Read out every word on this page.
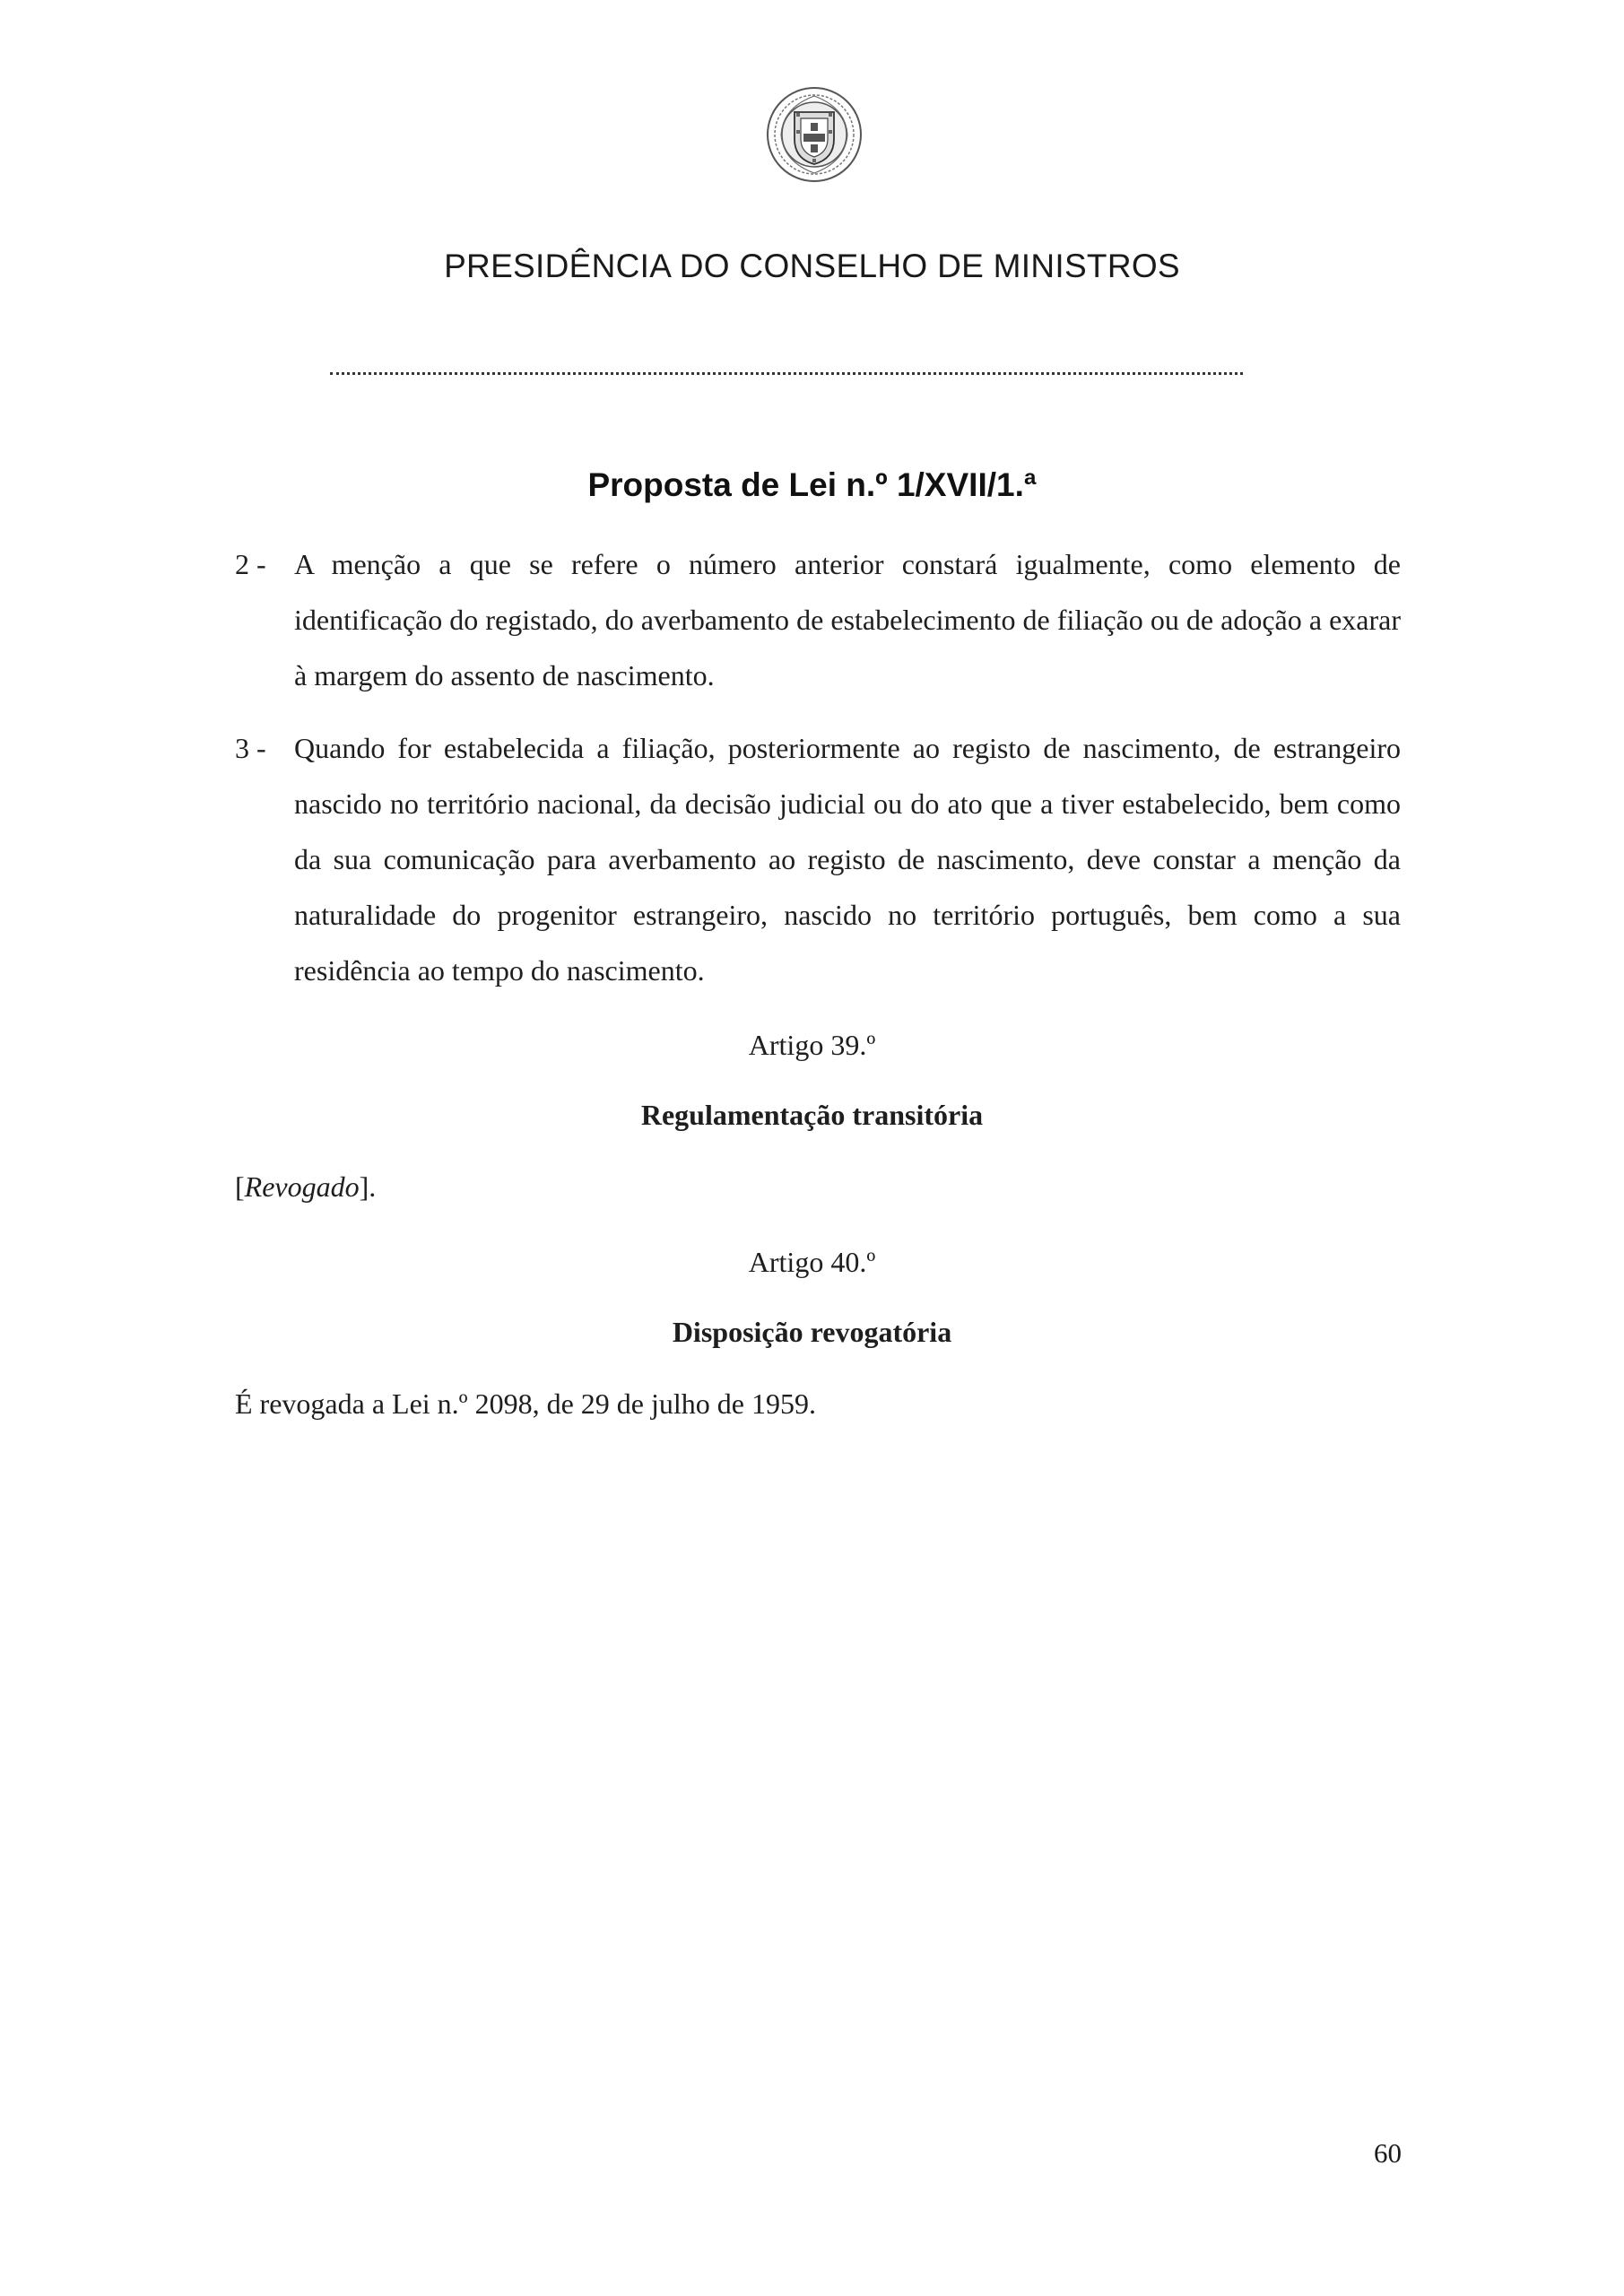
PRESIDÊNCIA DO CONSELHO DE MINISTROS
Proposta de Lei n.º 1/XVII/1.ª
2 - A menção a que se refere o número anterior constará igualmente, como elemento de identificação do registado, do averbamento de estabelecimento de filiação ou de adoção a exarar à margem do assento de nascimento.
3 - Quando for estabelecida a filiação, posteriormente ao registo de nascimento, de estrangeiro nascido no território nacional, da decisão judicial ou do ato que a tiver estabelecido, bem como da sua comunicação para averbamento ao registo de nascimento, deve constar a menção da naturalidade do progenitor estrangeiro, nascido no território português, bem como a sua residência ao tempo do nascimento.
Artigo 39.º
Regulamentação transitória
[Revogado].
Artigo 40.º
Disposição revogatória
É revogada a Lei n.º 2098, de 29 de julho de 1959.
60
